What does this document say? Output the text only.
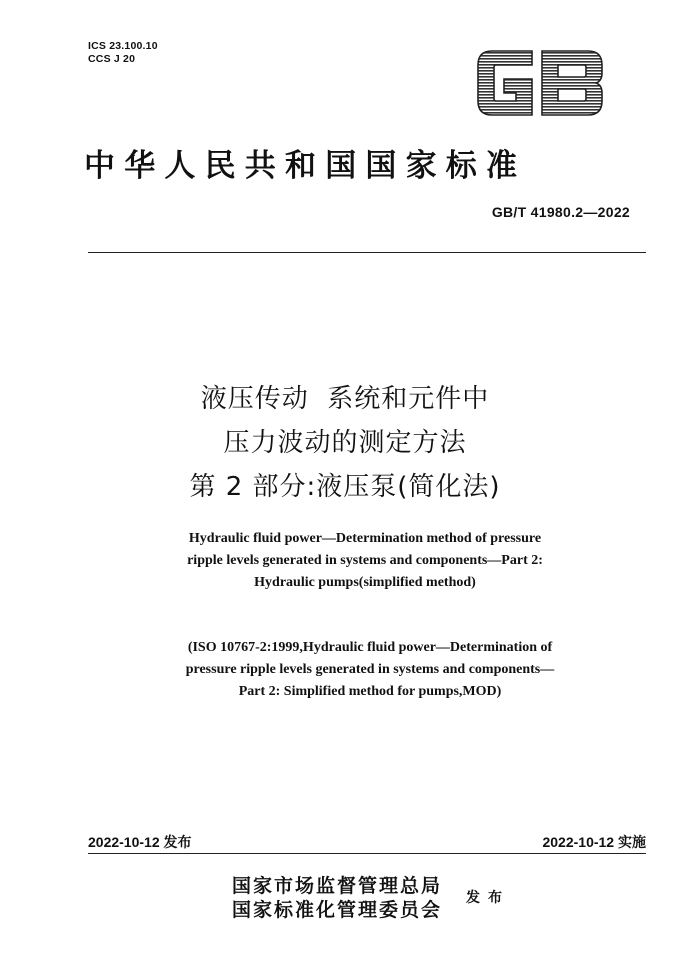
ICS 23.100.10
CCS J 20
中华人民共和国国家标准
GB/T 41980.2—2022
液压传动  系统和元件中
压力波动的测定方法
第 2 部分:液压泵(简化法)
Hydraulic fluid power—Determination method of pressure
ripple levels generated in systems and components—Part 2:
Hydraulic pumps(simplified method)
(ISO 10767-2:1999,Hydraulic fluid power—Determination of
pressure ripple levels generated in systems and components—
Part 2: Simplified method for pumps,MOD)
2022-10-12 发布	2022-10-12 实施
国家市场监督管理总局
国家标准化管理委员会
发布
